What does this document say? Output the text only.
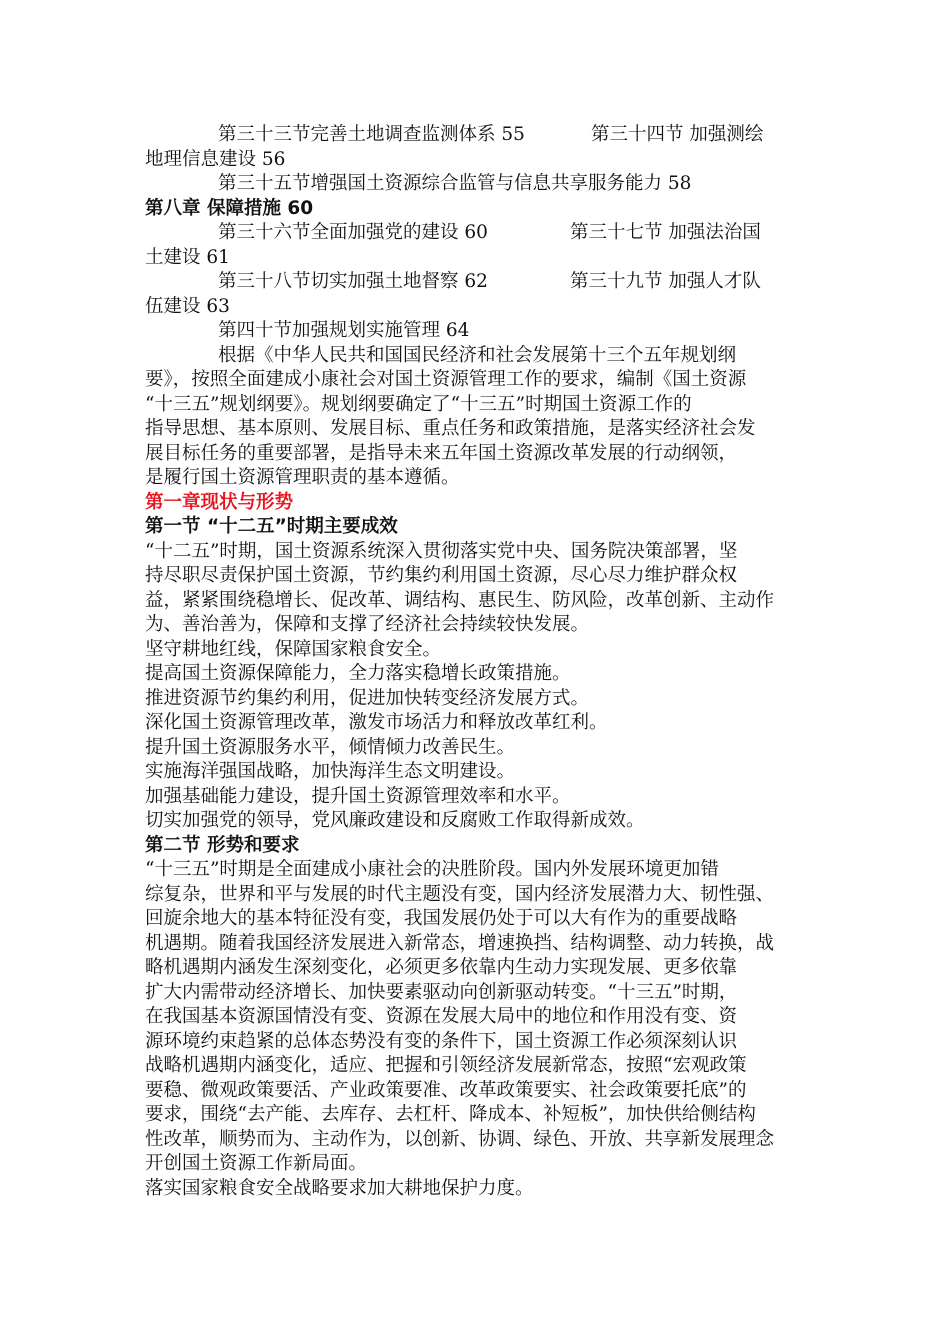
第三十三节完善土地调查监测体系 55	第三十四节 加强测绘
地理信息建设 56
第三十五节增强国土资源综合监管与信息共享服务能力 58
第八章 保障措施 60
第三十六节全面加强党的建设 60	第三十七节 加强法治国
土建设 61
第三十八节切实加强土地督察 62	第三十九节 加强人才队
伍建设 63
第四十节加强规划实施管理 64
根据《中华人民共和国国民经济和社会发展第十三个五年规划纲
要》，按照全面建成小康社会对国土资源管理工作的要求，编制《国土资源
“十三五”规划纲要》。规划纲要确定了“十三五”时期国土资源工作的
指导思想、基本原则、发展目标、重点任务和政策措施，是落实经济社会发
展目标任务的重要部署，是指导未来五年国土资源改革发展的行动纲领，
是履行国土资源管理职责的基本遵循。
第一章现状与形势
第一节 “十二五”时期主要成效
“十二五”时期，国土资源系统深入贯彻落实党中央、国务院决策部署，坚
持尽职尽责保护国土资源，节约集约利用国土资源，尽心尽力维护群众权
益，紧紧围绕稳增长、促改革、调结构、惠民生、防风险，改革创新、主动作
为、善治善为，保障和支撑了经济社会持续较快发展。
坚守耕地红线，保障国家粮食安全。
提高国土资源保障能力，全力落实稳增长政策措施。
推进资源节约集约利用，促进加快转变经济发展方式。
深化国土资源管理改革，激发市场活力和释放改革红利。
提升国土资源服务水平，倾情倾力改善民生。
实施海洋强国战略，加快海洋生态文明建设。
加强基础能力建设，提升国土资源管理效率和水平。
切实加强党的领导，党风廉政建设和反腐败工作取得新成效。
第二节 形势和要求
“十三五”时期是全面建成小康社会的决胜阶段。国内外发展环境更加错
综复杂，世界和平与发展的时代主题没有变，国内经济发展潜力大、韧性强、
回旋余地大的基本特征没有变，我国发展仍处于可以大有作为的重要战略
机遇期。随着我国经济发展进入新常态，增速换挡、结构调整、动力转换，战
略机遇期内涵发生深刻变化，必须更多依靠内生动力实现发展、更多依靠
扩大内需带动经济增长、加快要素驱动向创新驱动转变。“十三五”时期，
在我国基本资源国情没有变、资源在发展大局中的地位和作用没有变、资
源环境约束趋紧的总体态势没有变的条件下，国土资源工作必须深刻认识
战略机遇期内涵变化，适应、把握和引领经济发展新常态，按照“宏观政策
要稳、微观政策要活、产业政策要准、改革政策要实、社会政策要托底”的
要求，围绕“去产能、去库存、去杠杆、降成本、补短板”，加快供给侧结构
性改革，顺势而为、主动作为，以创新、协调、绿色、开放、共享新发展理念
开创国土资源工作新局面。
落实国家粮食安全战略要求加大耕地保护力度。
